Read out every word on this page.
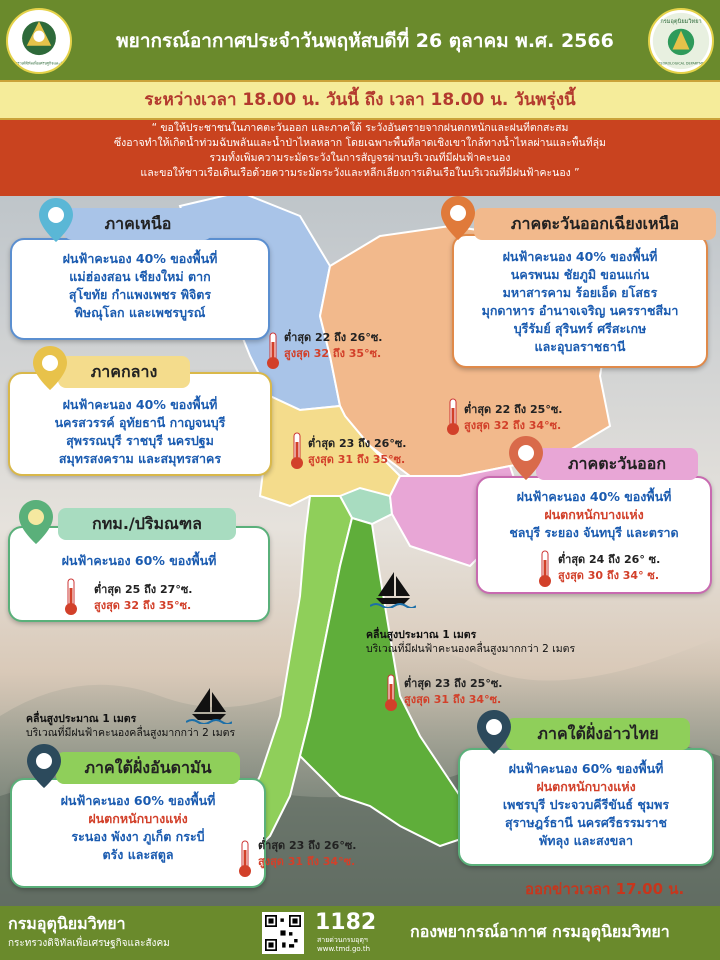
กระทรวงดิจิทัลเพื่อเศรษฐกิจและสังคม
พยากรณ์อากาศประจำวันพฤหัสบดีที่ 26 ตุลาคม พ.ศ. 2566
กรมอุตุนิยมวิทยา
METEOROLOGICAL DEPARTMENT
ระหว่างเวลา 18.00 น. วันนี้ ถึง เวลา 18.00 น. วันพรุ่งนี้
“ ขอให้ประชาชนในภาคตะวันออก และภาคใต้ ระวังอันตรายจากฝนตกหนักและฝนที่ตกสะสม
ซึ่งอาจทำให้เกิดน้ำท่วมฉับพลันและน้ำป่าไหลหลาก โดยเฉพาะพื้นที่ลาดเชิงเขาใกล้ทางน้ำไหลผ่านและพื้นที่ลุ่ม
รวมทั้งเพิ่มความระมัดระวังในการสัญจรผ่านบริเวณที่มีฝนฟ้าคะนอง
และขอให้ชาวเรือเดินเรือด้วยความระมัดระวังและหลีกเลี่ยงการเดินเรือในบริเวณที่มีฝนฟ้าคะนอง ”
ภาคเหนือ
ฝนฟ้าคะนอง 40% ของพื้นที่
แม่ฮ่องสอน เชียงใหม่ ตาก
สุโขทัย กำแพงเพชร พิจิตร
พิษณุโลก และเพชรบูรณ์
ต่ำสุด 22 ถึง 26°ซ.
สูงสุด 32 ถึง 35°ซ.
ภาคตะวันออกเฉียงเหนือ
ฝนฟ้าคะนอง 40% ของพื้นที่
นครพนม ชัยภูมิ ขอนแก่น
มหาสารคาม ร้อยเอ็ด ยโสธร
มุกดาหาร อำนาจเจริญ นครราชสีมา
บุรีรัมย์ สุรินทร์ ศรีสะเกษ
และอุบลราชธานี
ต่ำสุด 22 ถึง 25°ซ.
สูงสุด 32 ถึง 34°ซ.
ภาคกลาง
ฝนฟ้าคะนอง 40% ของพื้นที่
นครสวรรค์ อุทัยธานี กาญจนบุรี
สุพรรณบุรี ราชบุรี นครปฐม
สมุทรสงคราม และสมุทรสาคร
ต่ำสุด 23 ถึง 26°ซ.
สูงสุด 31 ถึง 35°ซ.	ภาคตะวันออก
ฝนฟ้าคะนอง 40% ของพื้นที่
ฝนตกหนักบางแห่ง
ชลบุรี ระยอง จันทบุรี และตราด
ต่ำสุด 24 ถึง 26° ซ.
สูงสุด 30 ถึง 34° ซ.
กทม./ปริมณฑล
ฝนฟ้าคะนอง 60% ของพื้นที่
ต่ำสุด 25 ถึง 27°ซ.
สูงสุด 32 ถึง 35°ซ.
คลื่นสูงประมาณ 1 เมตร
บริเวณที่มีฝนฟ้าคะนองคลื่นสูงมากกว่า 2 เมตร
ต่ำสุด 23 ถึง 25°ซ.
สูงสุด 31 ถึง 34°ซ.
คลื่นสูงประมาณ 1 เมตร
บริเวณที่มีฝนฟ้าคะนองคลื่นสูงมากกว่า 2 เมตร	ภาคใต้ฝั่งอ่าวไทย
ฝนฟ้าคะนอง 60% ของพื้นที่
ฝนตกหนักบางแห่ง
เพชรบุรี ประจวบคีรีขันธ์ ชุมพร
สุราษฎร์ธานี นครศรีธรรมราช
พัทลุง และสงขลา
ภาคใต้ฝั่งอันดามัน
ฝนฟ้าคะนอง 60% ของพื้นที่
ฝนตกหนักบางแห่ง
ระนอง พังงา ภูเก็ต กระบี่
ตรัง และสตูล
ต่ำสุด 23 ถึง 26°ซ.
สูงสุด 31 ถึง 34°ซ.
ออกข่าวเวลา 17.00 น.
กรมอุตุนิยมวิทยา
กระทรวงดิจิทัลเพื่อเศรษฐกิจและสังคม
1182
สายด่วนกรมอุตุฯ
www.tmd.go.th
กองพยากรณ์อากาศ กรมอุตุนิยมวิทยา
